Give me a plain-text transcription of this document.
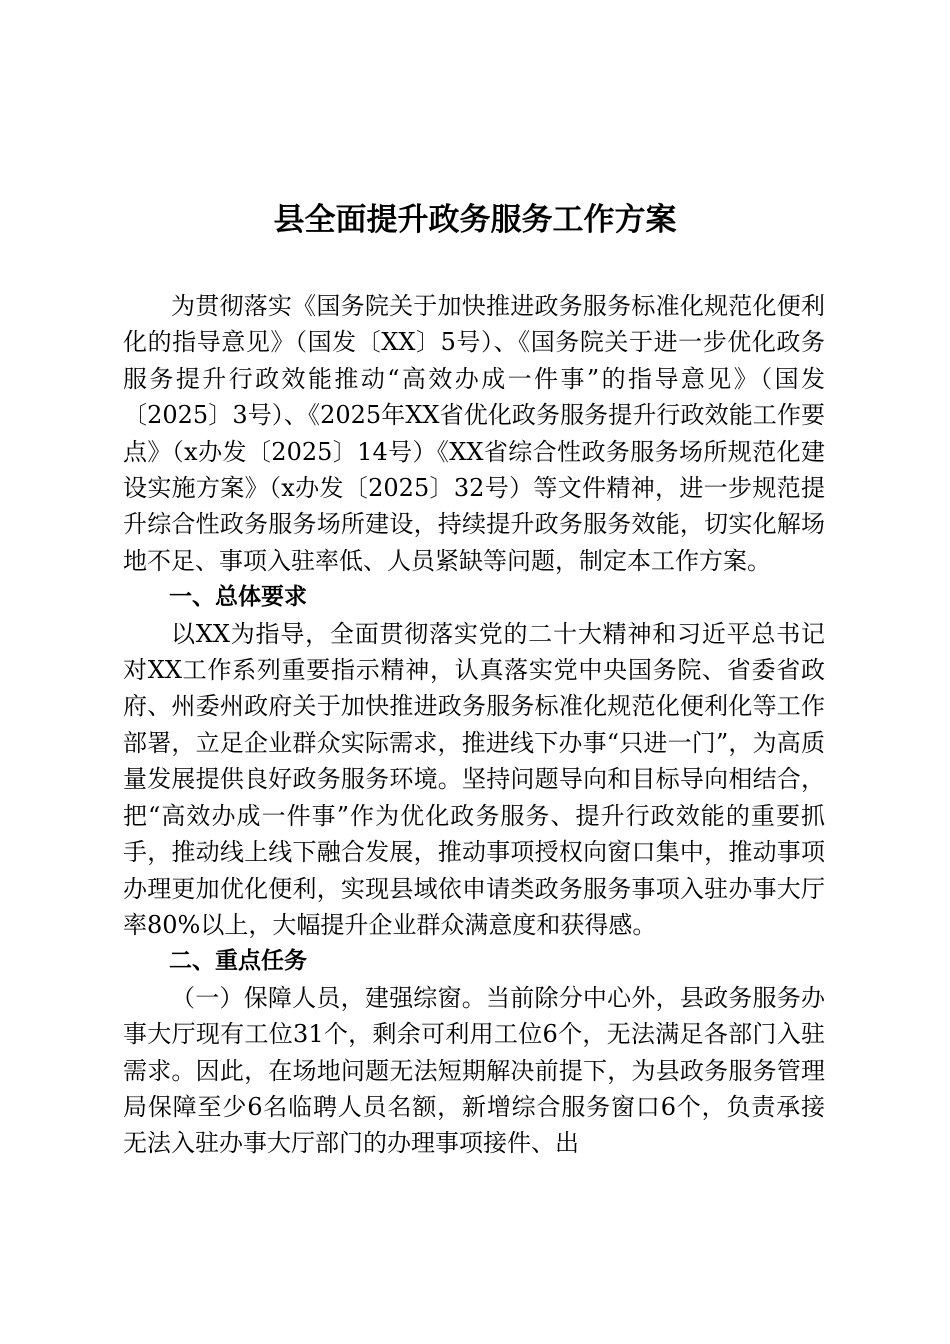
县全面提升政务服务工作方案

为贯彻落实《国务院关于加快推进政务服务标准化规范化便利化的指导意见》（国发〔XX〕5号）、《国务院关于进一步优化政务服务提升行政效能推动“高效办成一件事”的指导意见》（国发〔2025〕3号）、《2025年XX省优化政务服务提升行政效能工作要点》（x办发〔2025〕14号）《XX省综合性政务服务场所规范化建设实施方案》（x办发〔2025〕32号）等文件精神，进一步规范提升综合性政务服务场所建设，持续提升政务服务效能，切实化解场地不足、事项入驻率低、人员紧缺等问题，制定本工作方案。

一、总体要求

以XX为指导，全面贯彻落实党的二十大精神和习近平总书记对XX工作系列重要指示精神，认真落实党中央国务院、省委省政府、州委州政府关于加快推进政务服务标准化规范化便利化等工作部署，立足企业群众实际需求，推进线下办事“只进一门”，为高质量发展提供良好政务服务环境。坚持问题导向和目标导向相结合，把“高效办成一件事”作为优化政务服务、提升行政效能的重要抓手，推动线上线下融合发展，推动事项授权向窗口集中，推动事项办理更加优化便利，实现县域依申请类政务服务事项入驻办事大厅率80%以上，大幅提升企业群众满意度和获得感。

二、重点任务

（一）保障人员，建强综窗。当前除分中心外，县政务服务办事大厅现有工位31个，剩余可利用工位6个，无法满足各部门入驻需求。因此，在场地问题无法短期解决前提下，为县政务服务管理局保障至少6名临聘人员名额，新增综合服务窗口6个，负责承接无法入驻办事大厅部门的办理事项接件、出
